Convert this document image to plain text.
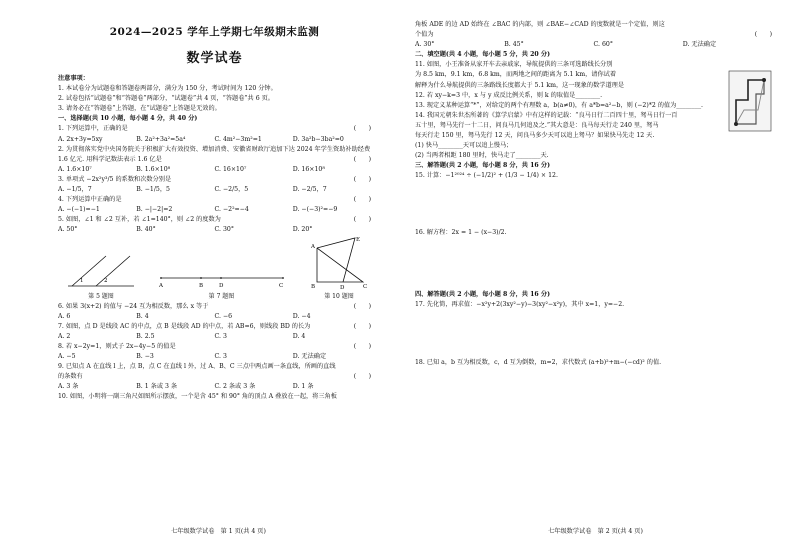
2024—2025 学年上学期七年级期末监测
数学试卷
注意事项：
1. 本试卷分为试题卷和答题卷两部分，满分为 150 分，考试时间为 120 分钟。
2. 试卷包括“试题卷”和“答题卷”两部分，“试题卷”共 4 页，“答题卷”共 6 页。
3. 请务必在“答题卷”上答题，在“试题卷”上答题是无效的。
一、选择题(共 10 小题，每小题 4 分，共 40 分)
(　　)
1. 下列运算中，正确的是
A. 2x+3y=5xy	B. 2a²+3a²=5a⁴	C. 4m²−3m²=1	D. 3a²b−3ba²=0
2. 为贯彻落实党中央国务院关于积极扩大有效投资、增加消费、安徽省财政厅追加下达 2024 年学生资助补助经费
(　　)
1.6 亿元. 用科学记数法表示 1.6 亿是
A. 1.6×10⁷	B. 1.6×10⁸	C. 16×10⁷	D. 16×10⁸
(　　)
3. 单项式 −2x²y³/5 的系数和次数分别是
A. −1/5，7	B. −1/5，5	C. −2/5，5	D. −2/5，7
(　　)
4. 下列运算中正确的是
A. −(−1)=−1	B. −|−2|=2	C. −2²=−4	D. −(−3)²=−9
(　　)
5. 如图，∠1 和 ∠2 互补，若 ∠1=140°，则 ∠2 的度数为
A. 50°	B. 40°	C. 30°	D. 20°
1	2
第 5 题图
A	B	D	C
第 7 题图
A
B	C
D
E
第 10 题图
(　　)
6. 如果 3(x+2) 的值与 −24 互为相反数，那么 x 等于
A. 6	B. 4	C. −6	D. −4
(　　)
7. 如图，点 D 是线段 AC 的中点，点 B 是线段 AD 的中点，若 AB=6，则线段 BD 的长为
A. 2	B. 2.5	C. 3	D. 4
(　　)
8. 若 x−2y=1，则式子 2x−4y−5 的值是
A. −5	B. −3	C. 3	D. 无法确定
9. 已知点 A 在直线 l 上，点 B，点 C 在直线 l 外，过 A、B、C 三点中两点画一条直线，所画的直线
(　　)
的条数有
A. 3 条	B. 1 条或 3 条	C. 2 条或 3 条	D. 1 条
10. 如图，小明将一副三角尺如图所示摆放，一个是含 45° 和 90° 角的顶点 A 叠放在一起，将三角板
七年级数学试卷　第 1 页(共 4 页)
角板 ADE 的边 AD 始终在 ∠BAC 的内部，则 ∠BAE−∠CAD 的度数就是一个定值，则这
(　　)
个值为
A. 30°	B. 45°	C. 60°	D. 无法确定
二、填空题(共 4 小题，每小题 5 分，共 20 分)
11. 如图，小王准备从家开车去亲戚家，导航提供的三条可选路线长分别
为 8.5 km，9.1 km，6.8 km，而两地之间的距离为 5.1 km，请你试着
解释为什么导航提供的三条路线长度都大于 5.1 km，这一现象的数学道理是
12. 若 xy−k=3 中，x 与 y 成反比例关系，则 k 的取值是________.
13. 现定义某种运算“*”，对给定的两个有理数 a，b(a≠0)，有 a*b=a²−b，则 (−2)*2 的值为________.
14. 我国元朝朱世杰所著的《算学启蒙》中有这样的记载：“良马日行二百四十里，驽马日行一百
五十里，驽马先行一十二日，问良马几何追及之.”其大意是：良马每天行走 240 里，驽马
每天行走 150 里，驽马先行 12 天，问良马多少天可以追上驽马？如果快马先走 12 天.
(1) 快马________天可以追上慢马；
(2) 当两者相距 180 里时，快马走了________天.
三、解答题(共 2 小题，每小题 8 分，共 16 分)
15. 计算：−1²⁰²⁴ ÷ (−1/2)² + (1/3 − 1/4) × 12.
16. 解方程：2x = 1 − (x−3)/2.
四、解答题(共 2 小题，每小题 8 分，共 16 分)
17. 先化简，再求值：−x²y+2(3xy²−y)−3(xy²−x²y)，其中 x=1，y=−2.
18. 已知 a，b 互为相反数，c，d 互为倒数，m=2，求代数式 (a+b)²+m−(−cd)² 的值.
七年级数学试卷　第 2 页(共 4 页)
